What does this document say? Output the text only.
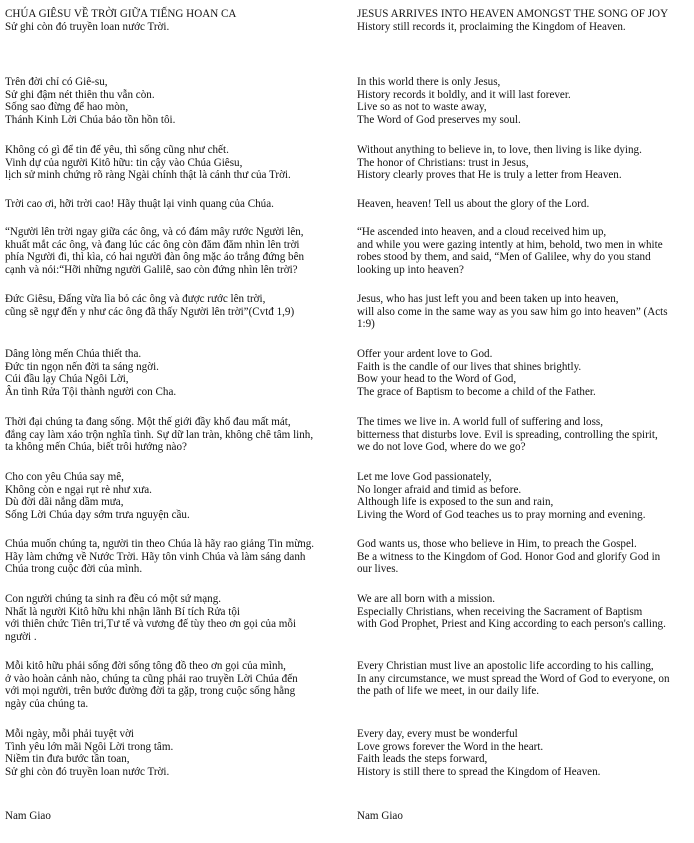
CHÚA GIÊSU VỀ TRỜI GIỮA TIẾNG HOAN CA
Sử ghi còn đó truyền loan nước Trời.
Trên đời chỉ có Giê-su,
Sử ghi đậm nét thiên thu vẫn còn.
Sống sao đừng để hao mòn,
Thánh Kinh Lời Chúa bảo tồn hồn tôi.
Không có gì để tin để yêu, thì sống cũng như chết.
Vinh dự của người Kitô hữu: tin cậy vào Chúa Giêsu,
lịch sử minh chứng rõ ràng Ngài chính thật là cánh thư của Trời.
Trời cao ơi, hỡi trời cao! Hãy thuật lại vinh quang của Chúa.
“Người lên trời ngay giữa các ông, và có đám mây rước Người lên,
khuất mắt các ông, và đang lúc các ông còn đăm đăm nhìn lên trời
phía Người đi, thì kìa, có hai người đàn ông mặc áo trắng đứng bên
cạnh và nói:“Hỡi những người Galilê, sao còn đứng nhìn lên trời?
Đức Giêsu, Đấng vừa lìa bỏ các ông và được rước lên trời,
cũng sẽ ngự đến y như các ông đã thấy Người lên trời”(Cvtđ 1,9)
Dâng lòng mến Chúa thiết tha.
Đức tin ngọn nến đời ta sáng ngời.
Cúi đầu lạy Chúa Ngôi Lời,
Ân tình Rửa Tội thành người con Cha.
Thời đại chúng ta đang sống. Một thế giới đầy khổ đau mất mát,
đắng cay làm xáo trộn nghĩa tình. Sự dữ lan tràn, không chê tâm linh,
ta không mến Chúa, biết trôi hướng nào?
Cho con yêu Chúa say mê,
Không còn e ngại rụt rè như xưa.
Dù đời dãi nắng dầm mưa,
Sống Lời Chúa dạy sớm trưa nguyện cầu.
Chúa muốn chúng ta, người tin theo Chúa là hãy rao giảng Tin mừng.
Hãy làm chứng về Nước Trời. Hãy tôn vinh Chúa và làm sáng danh
Chúa trong cuộc đời của mình.
Con người chúng ta sinh ra đều có một sứ mạng.
Nhất là người Kitô hữu khi nhận lãnh Bí tích Rửa tội
với thiên chức Tiên tri,Tư tế và vương đế tùy theo ơn gọi của mỗi
người .
Mỗi kitô hữu phải sống đời sống tông đồ theo ơn gọi của mình,
ở vào hoàn cảnh nào, chúng ta cũng phải rao truyền Lời Chúa đến
với mọi người, trên bước đường đời ta gặp, trong cuộc sống hằng
ngày của chúng ta.
Mỗi ngày, mỗi phải tuyệt vời
Tình yêu lớn mãi Ngôi Lời trong tâm.
Niềm tin đưa bước tần toan,
Sử ghi còn đó truyền loan nước Trời.
Nam Giao
JESUS ARRIVES INTO HEAVEN AMONGST THE SONG OF JOY
History still records it, proclaiming the Kingdom of Heaven.
In this world there is only Jesus,
History records it boldly, and it will last forever.
Live so as not to waste away,
The Word of God preserves my soul.
Without anything to believe in, to love, then living is like dying.
The honor of Christians: trust in Jesus,
History clearly proves that He is truly a letter from Heaven.
Heaven, heaven! Tell us about the glory of the Lord.
“He ascended into heaven, and a cloud received him up,
and while you were gazing intently at him, behold, two men in white
robes stood by them, and said, “Men of Galilee, why do you stand
looking up into heaven?
Jesus, who has just left you and been taken up into heaven,
will also come in the same way as you saw him go into heaven” (Acts
1:9)
Offer your ardent love to God.
Faith is the candle of our lives that shines brightly.
Bow your head to the Word of God,
The grace of Baptism to become a child of the Father.
The times we live in. A world full of suffering and loss,
bitterness that disturbs love. Evil is spreading, controlling the spirit,
we do not love God, where do we go?
Let me love God passionately,
No longer afraid and timid as before.
Although life is exposed to the sun and rain,
Living the Word of God teaches us to pray morning and evening.
God wants us, those who believe in Him, to preach the Gospel.
Be a witness to the Kingdom of God. Honor God and glorify God in
our lives.
We are all born with a mission.
Especially Christians, when receiving the Sacrament of Baptism
with God Prophet, Priest and King according to each person's calling.
Every Christian must live an apostolic life according to his calling,
In any circumstance, we must spread the Word of God to everyone, on
the path of life we meet, in our daily life.
Every day, every must be wonderful
Love grows forever the Word in the heart.
Faith leads the steps forward,
History is still there to spread the Kingdom of Heaven.
Nam Giao
